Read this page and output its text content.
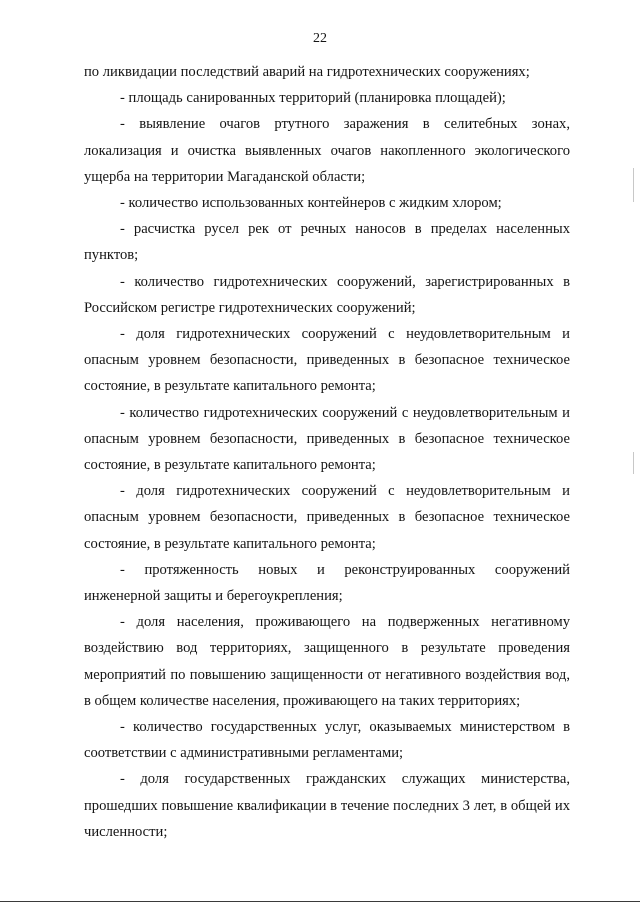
22

по ликвидации последствий аварий на гидротехнических сооружениях;

- площадь санированных территорий (планировка площадей);

- выявление очагов ртутного заражения в селитебных зонах, локализация и очистка выявленных очагов накопленного экологического ущерба на территории Магаданской области;

- количество использованных контейнеров с жидким хлором;

- расчистка русел рек от речных наносов в пределах населенных пунктов;

- количество гидротехнических сооружений, зарегистрированных в Российском регистре гидротехнических сооружений;

- доля гидротехнических сооружений с неудовлетворительным и опасным уровнем безопасности, приведенных в безопасное техническое состояние, в результате капитального ремонта;

- количество гидротехнических сооружений с неудовлетворительным и опасным уровнем безопасности, приведенных в безопасное техническое состояние, в результате капитального ремонта;

- доля гидротехнических сооружений с неудовлетворительным и опасным уровнем безопасности, приведенных в безопасное техническое состояние, в результате капитального ремонта;

- протяженность новых и реконструированных сооружений инженерной защиты и берегоукрепления;

- доля населения, проживающего на подверженных негативному воздействию вод территориях, защищенного в результате проведения мероприятий по повышению защищенности от негативного воздействия вод, в общем количестве населения, проживающего на таких территориях;

- количество государственных услуг, оказываемых министерством в соответствии с административными регламентами;

- доля государственных гражданских служащих министерства, прошедших повышение квалификации в течение последних 3 лет, в общей их численности;
